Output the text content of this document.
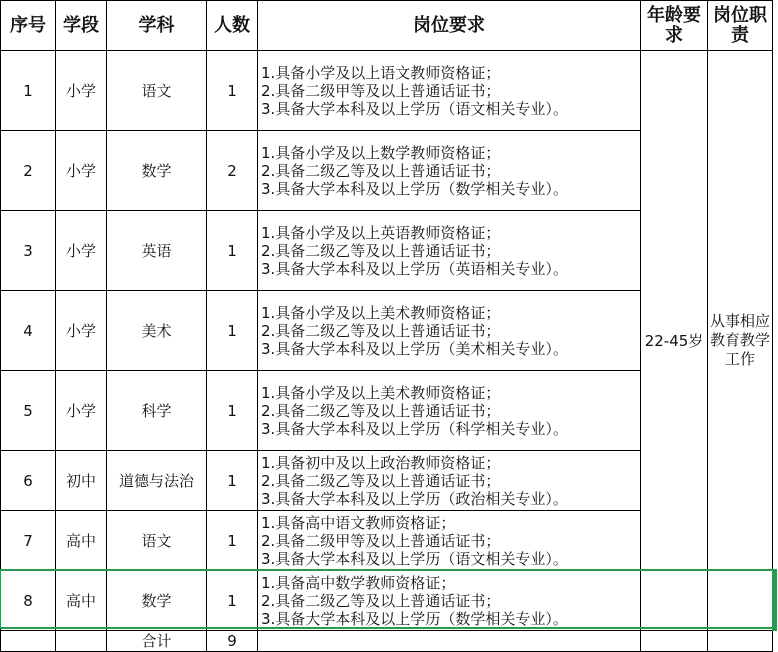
序号	学段	学科	人数	岗位要求	年龄要求	岗位职责
1	小学	语文	1	1.具备小学及以上语文教师资格证；
2.具备二级甲等及以上普通话证书；
3.具备大学本科及以上学历（语文相关专业）。	22-45岁	从事相应教育教学工作
2	小学	数学	2	1.具备小学及以上数学教师资格证；
2.具备二级乙等及以上普通话证书；
3.具备大学本科及以上学历（数学相关专业）。		

3	小学	英语	1	1.具备小学及以上英语教师资格证；
2.具备二级乙等及以上普通话证书；
3.具备大学本科及以上学历（英语相关专业）。		

4	小学	美术	1	1.具备小学及以上美术教师资格证；
2.具备二级乙等及以上普通话证书；
3.具备大学本科及以上学历（美术相关专业）。		

5	小学	科学	1	1.具备小学及以上美术教师资格证；
2.具备二级乙等及以上普通话证书；
3.具备大学本科及以上学历（科学相关专业）。		

6	初中	道德与法治	1	1.具备初中及以上政治教师资格证；
2.具备二级乙等及以上普通话证书；
3.具备大学本科及以上学历（政治相关专业）。		

7	高中	语文	1	1.具备高中语文教师资格证；
2.具备二级甲等及以上普通话证书；
3.具备大学本科及以上学历（语文相关专业）。		

8	高中	数学	1	1.具备高中数学教师资格证；
2.具备二级乙等及以上普通话证书；
3.具备大学本科及以上学历（数学相关专业）。		

		合计	9			
